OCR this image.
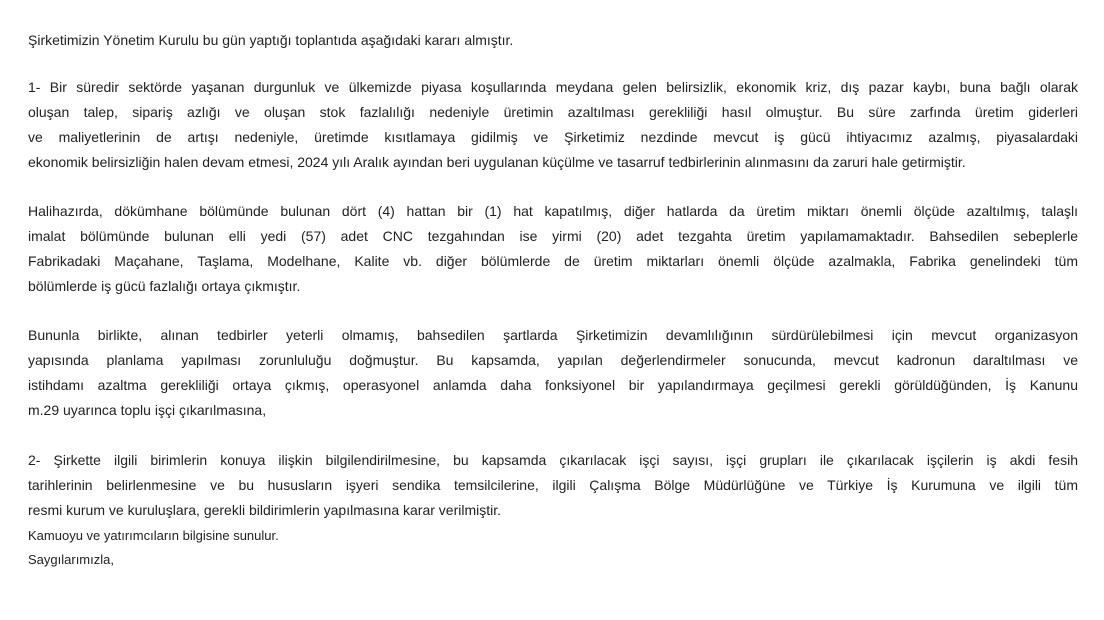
Şirketimizin Yönetim Kurulu bu gün yaptığı toplantıda aşağıdaki kararı almıştır.
1- Bir süredir sektörde yaşanan durgunluk ve ülkemizde piyasa koşullarında meydana gelen belirsizlik, ekonomik kriz, dış pazar kaybı, buna bağlı olarak
oluşan talep, sipariş azlığı ve oluşan stok fazlalılığı nedeniyle üretimin azaltılması gerekliliği hasıl olmuştur. Bu süre zarfında üretim giderleri
ve maliyetlerinin de artışı nedeniyle, üretimde kısıtlamaya gidilmiş ve Şirketimiz nezdinde mevcut iş gücü ihtiyacımız azalmış, piyasalardaki
ekonomik belirsizliğin halen devam etmesi, 2024 yılı Aralık ayından beri uygulanan küçülme ve tasarruf tedbirlerinin alınmasını da zaruri hale getirmiştir.
Halihazırda, dökümhane bölümünde bulunan dört (4) hattan bir (1) hat kapatılmış, diğer hatlarda da üretim miktarı önemli ölçüde azaltılmış, talaşlı
imalat bölümünde bulunan elli yedi (57) adet CNC tezgahından ise yirmi (20) adet tezgahta üretim yapılamamaktadır. Bahsedilen sebeplerle
Fabrikadaki Maçahane, Taşlama, Modelhane, Kalite vb. diğer bölümlerde de üretim miktarları önemli ölçüde azalmakla, Fabrika genelindeki tüm
bölümlerde iş gücü fazlalığı ortaya çıkmıştır.
Bununla birlikte, alınan tedbirler yeterli olmamış, bahsedilen şartlarda Şirketimizin devamlılığının sürdürülebilmesi için mevcut organizasyon
yapısında planlama yapılması zorunluluğu doğmuştur. Bu kapsamda, yapılan değerlendirmeler sonucunda, mevcut kadronun daraltılması ve
istihdamı azaltma gerekliliği ortaya çıkmış, operasyonel anlamda daha fonksiyonel bir yapılandırmaya geçilmesi gerekli görüldüğünden, İş Kanunu
m.29 uyarınca toplu işçi çıkarılmasına,
2- Şirkette ilgili birimlerin konuya ilişkin bilgilendirilmesine, bu kapsamda çıkarılacak işçi sayısı, işçi grupları ile çıkarılacak işçilerin iş akdi fesih
tarihlerinin belirlenmesine ve bu hususların işyeri sendika temsilcilerine, ilgili Çalışma Bölge Müdürlüğüne ve Türkiye İş Kurumuna ve ilgili tüm
resmi kurum ve kuruluşlara, gerekli bildirimlerin yapılmasına karar verilmiştir.
Kamuoyu ve yatırımcıların bilgisine sunulur.
Saygılarımızla,
